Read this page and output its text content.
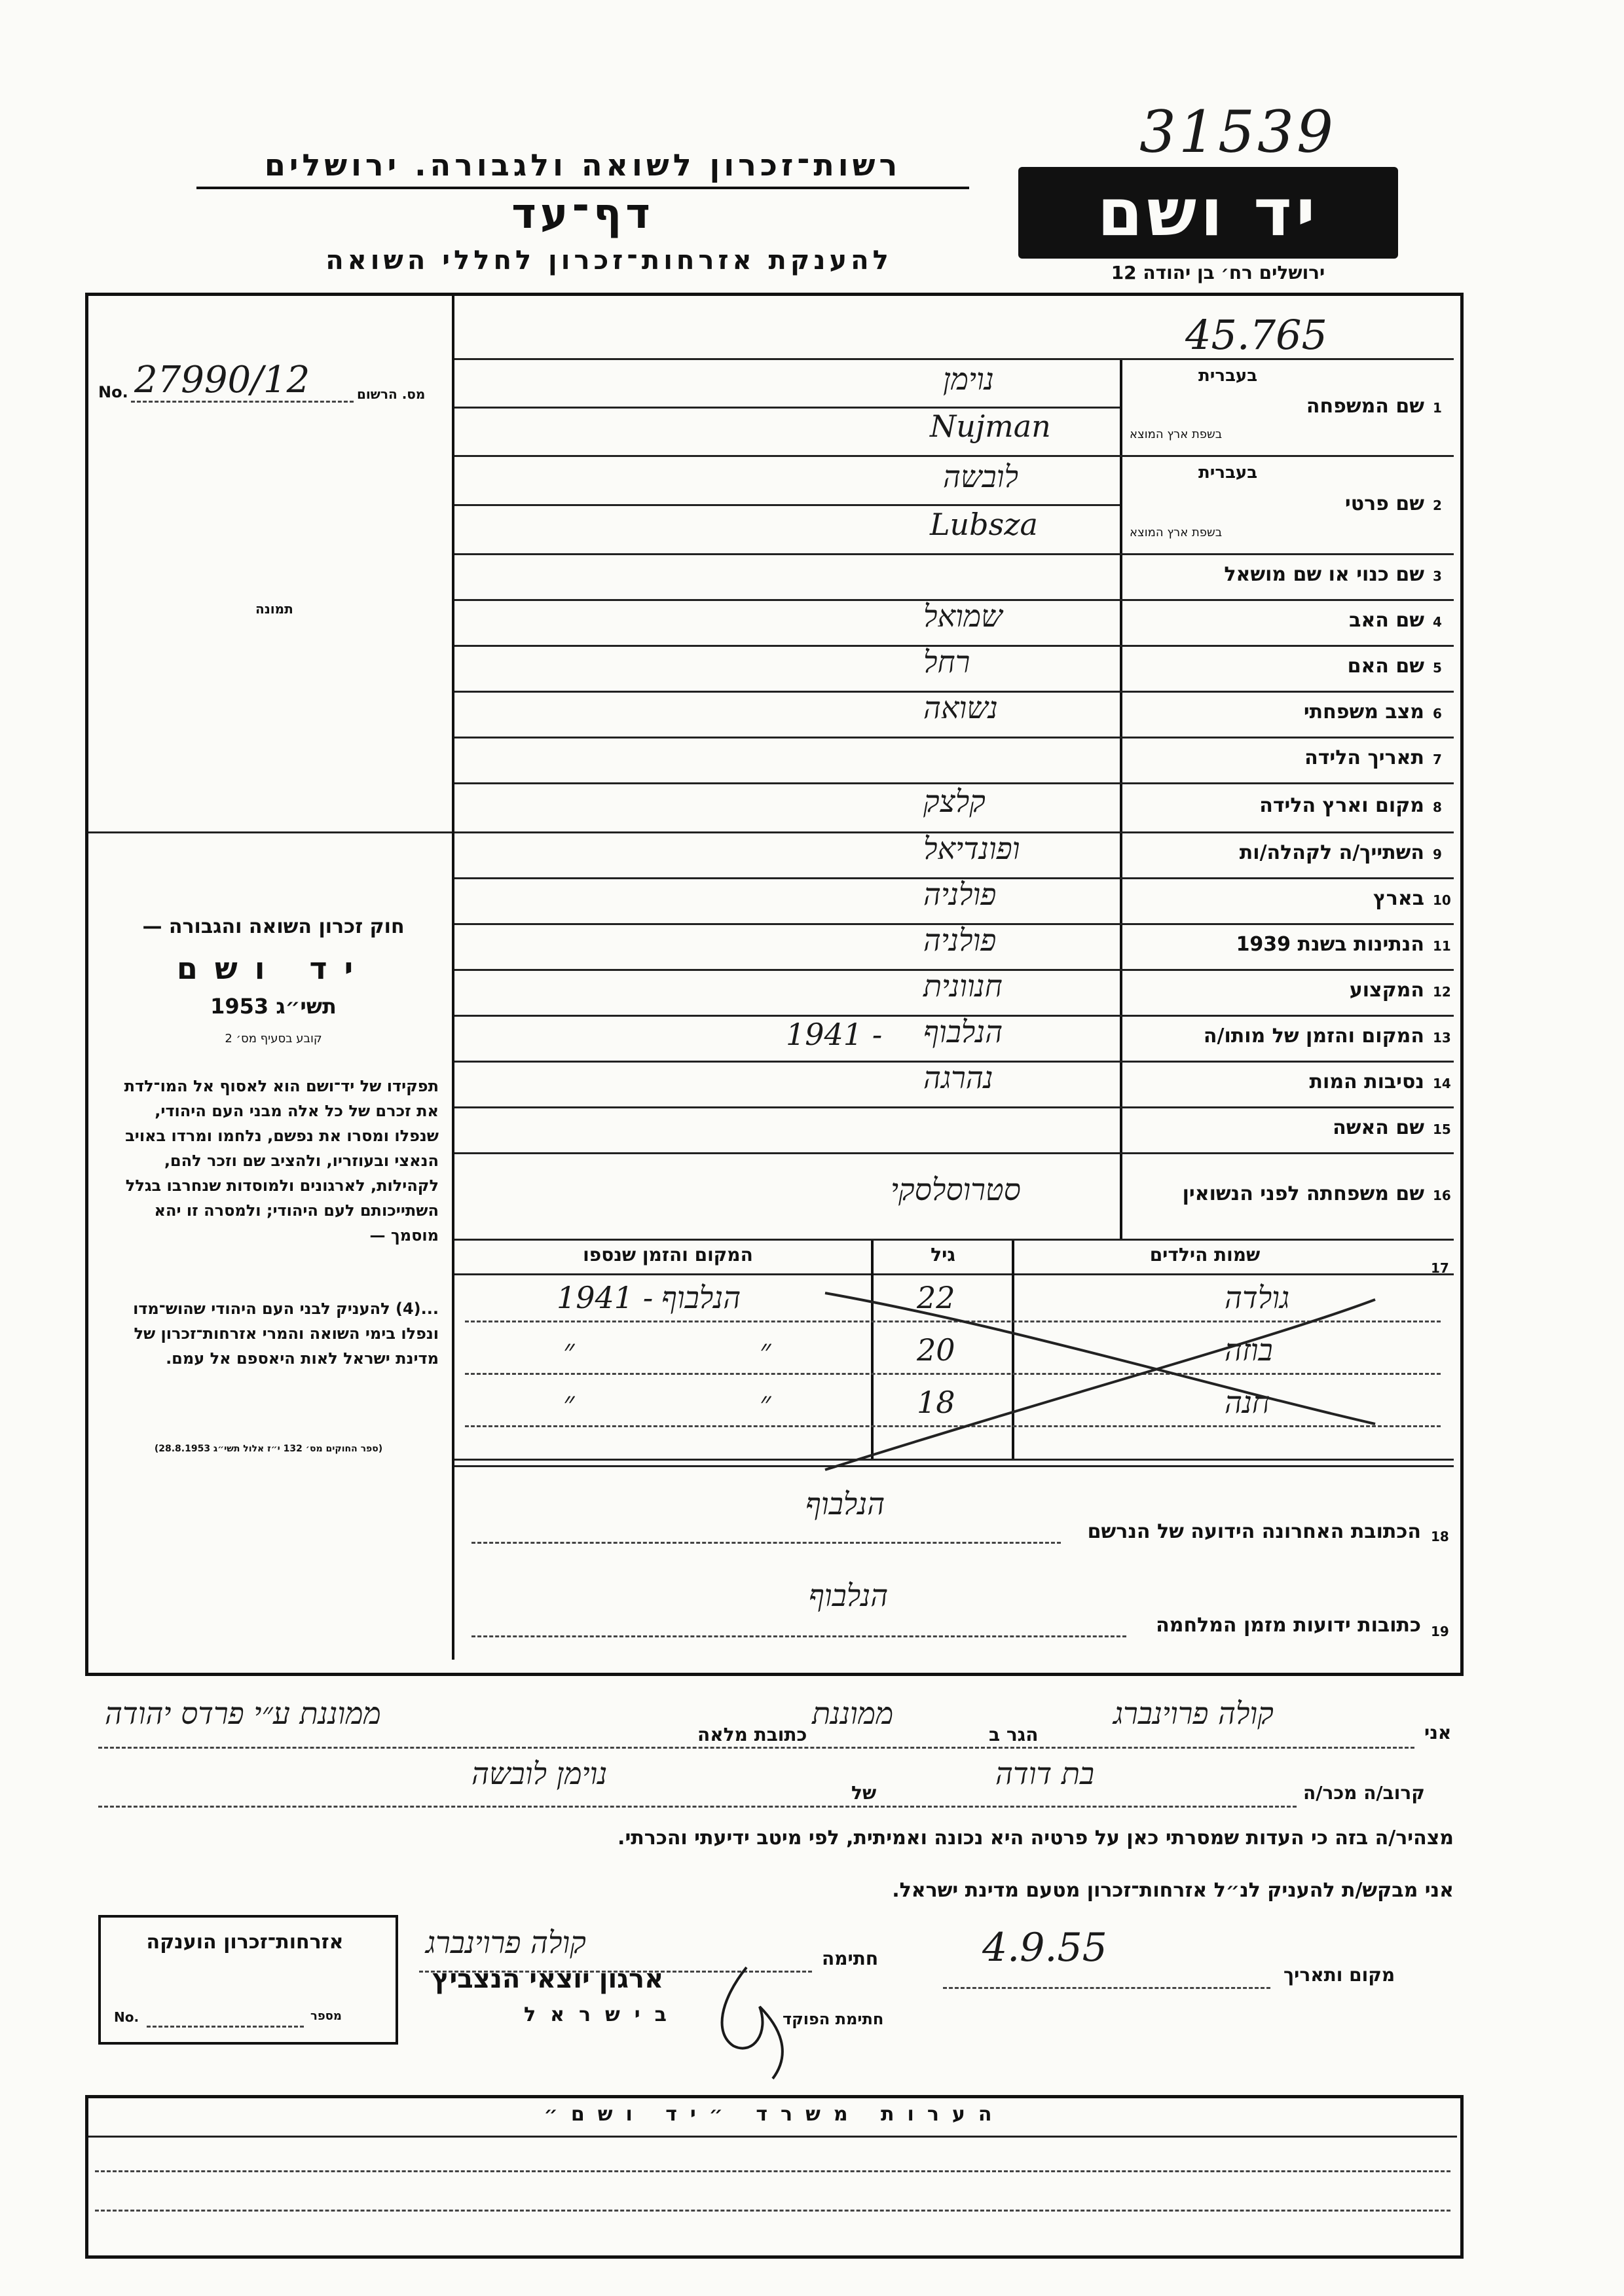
31539
רשות־זכרון לשואה ולגבורה. ירושלים
דף־עד
להענקת אזרחות־זכרון לחללי השואה
יד ושם
ירושלים רח׳ בן יהודה 12
45.765
No. 27990/12	מס. הרשום
תמונה
חוק זכרון השואה והגבורה —
יד ושם
תשי״ג 1953
קובע בסעיף מס׳ 2
תפקידו של יד־ושם הוא לאסוף אל המו־לדת את זכרם של כל אלה מבני העם היהודי, שנפלו ומסרו את נפשם, נלחמו ומרדו באויב הנאצי ובעוזריו, ולהציב שם וזכר להם, לקהילות, לארגונים ולמוסדות שנחרבו בגלל השתייכותם לעם היהודי; ולמסרה זו יהא מוסמך —
...(4) להעניק לבני העם היהודי שהוש־מדו ונפלו בימי השואה והמרי אזרחות־זכרון של מדינת ישראל לאות היאספם אל עמם.
(ספר החוקים מס׳ 132 י״ז אלול תשי״ג 28.8.1953)
1
שם המשפחה
בעברית
בשפת ארץ המוצא
נוימן
Nujman
2
שם פרטי
בעברית
בשפת ארץ המוצא
לובשה
Lubsza
3
שם כנוי או שם מושאל
4
שם האב
שמואל
5
שם האם
רחל
6
מצב משפחתי
נשואה
7
תאריך הלידה
8
מקום וארץ הלידה
קלצק
9
השתייך/ה לקהלה/ות
ופונדיאל
10
בארץ
פולניה
11
הנתינות בשנת 1939
פולניה
12
המקצוע
חנוונית
13
המקום והזמן של מותו/ה
הנלבוף
1941 -
14
נסיבות המות
נהרגה
15
שם האשה
16
שם משפחתה לפני הנשואין
סטרוסלסקי
17
שמות הילדים
גיל
המקום והזמן שנספו
גולדה
22
הנלבוף
1941 -
בוזה
20
״
״
חנה
18
״
״
18
הכתובת האחרונה הידועה של הנרשם
הנלבוף
19
כתובות ידועות מזמן המלחמה
הנלבוף
אני
קולה פרוינברג
הגר ב
ממוננת
כתובת מלאה
ממוננת ע״י פרדס יהודה
קרוב/ה מכר/ה
בת דודה
של
נוימן לובשה
מצהיר/ה בזה כי העדות שמסרתי כאן על פרטיה היא נכונה ואמיתית, לפי מיטב ידיעתי והכרתי.
אני מבקש/ת להעניק לנ״ל אזרחות־זכרון מטעם מדינת ישראל.
מקום ותאריך
4.9.55
חתימה
קולה פרוינברג
חתימת הפוקד
ארגון יוצאי הנצביץ
בישראל
אזרחות־זכרון הוענקה
No.	מספר
הערות משרד ״יד ושם״
